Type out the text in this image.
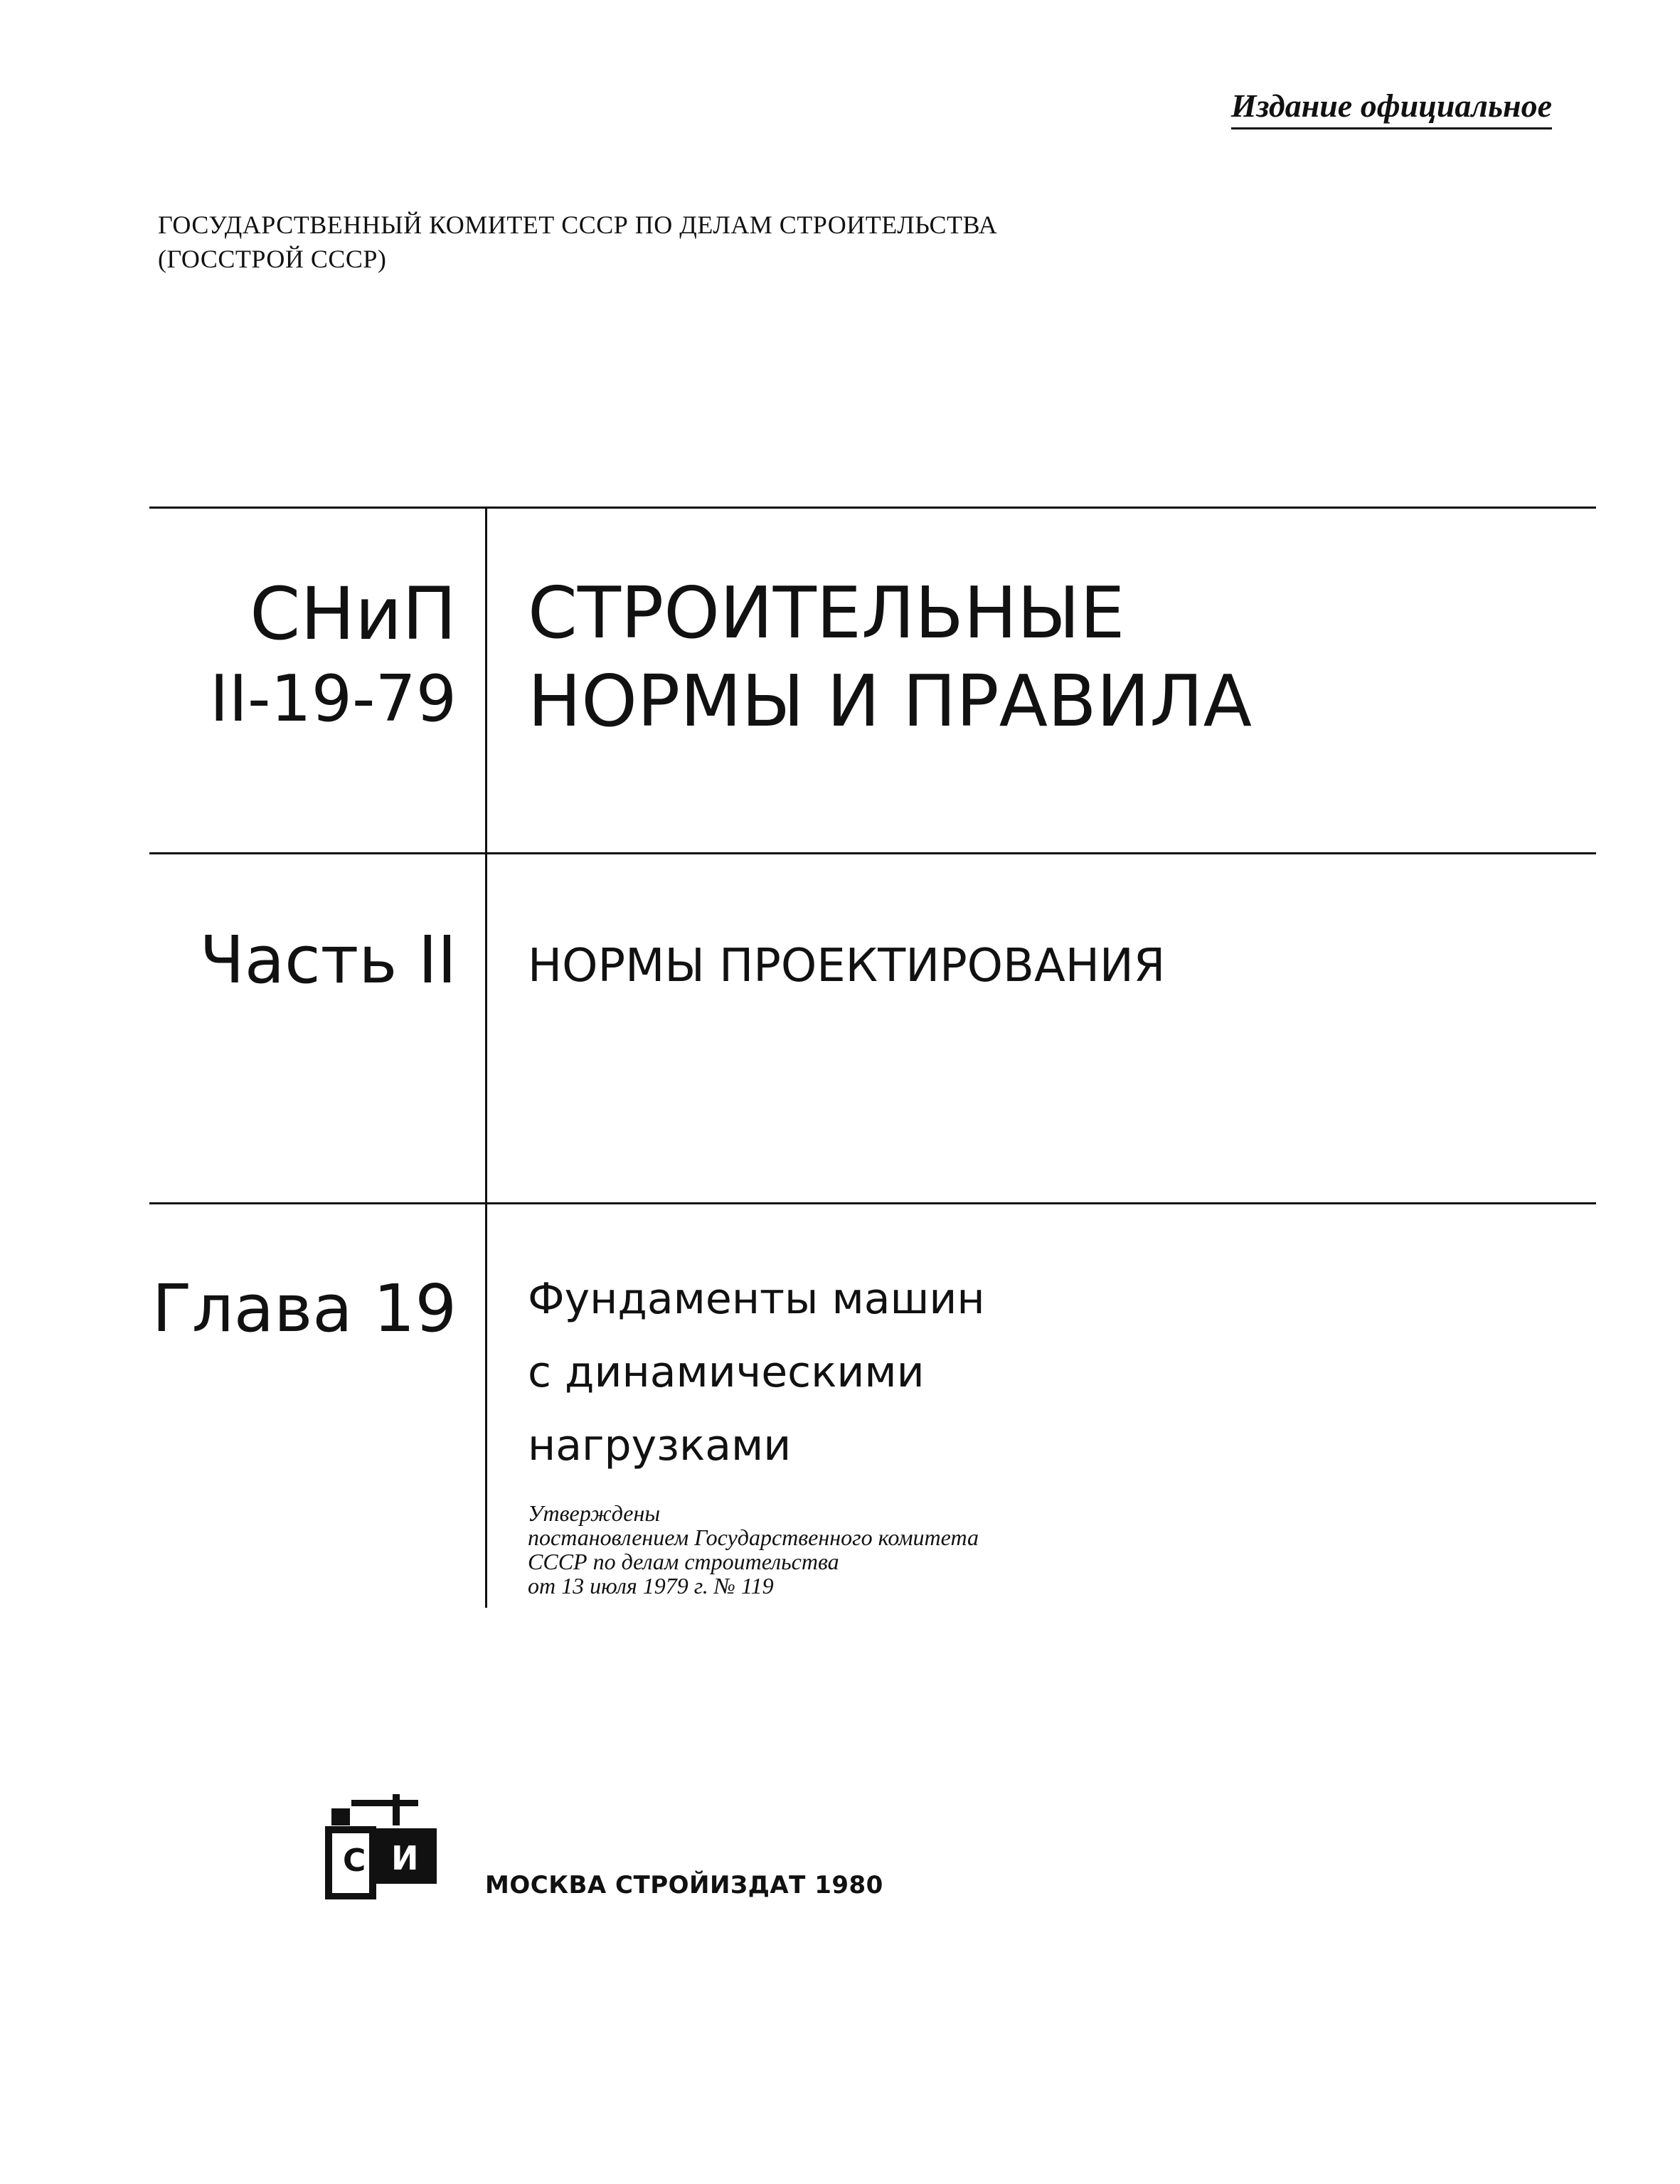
Издание официальное
ГОСУДАРСТВЕННЫЙ КОМИТЕТ СССР ПО ДЕЛАМ СТРОИТЕЛЬСТВА
(ГОССТРОЙ СССР)
СНиП
II-19-79
СТРОИТЕЛЬНЫЕ
НОРМЫ И ПРАВИЛА
Часть II НОРМЫ ПРОЕКТИРОВАНИЯ
Глава 19 Фундаменты машин
с динамическими
нагрузками
Утверждены
постановлением Государственного комитета
СССР по делам строительства
от 13 июля 1979 г. № 119
С И
МОСКВА СТРОЙИЗДАТ 1980
